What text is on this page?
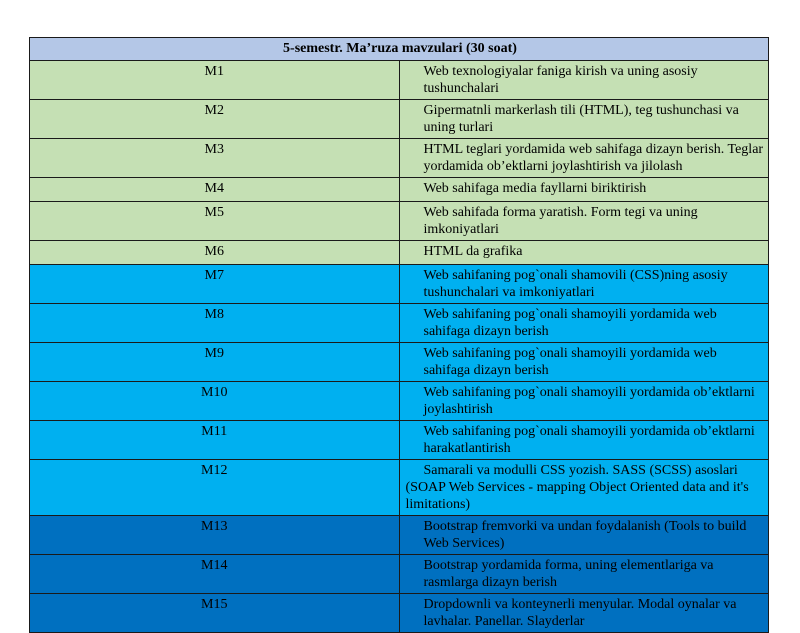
5-semestr. Ma’ruza mavzulari (30 soat)	
M1	Web texnologiyalar faniga kirish va uning asosiy tushunchalari
M2	Gipermatnli markerlash tili (HTML), teg tushunchasi va uning turlari
M3	HTML teglari yordamida web sahifaga dizayn berish. Teglar yordamida ob’ektlarni joylashtirish va jilolash
M4	Web sahifaga media fayllarni biriktirish
M5	Web sahifada forma yaratish. Form tegi va uning imkoniyatlari
M6	HTML da grafika
M7	Web sahifaning pog`onali shamovili (CSS)ning asosiy tushunchalari va imkoniyatlari
M8	Web sahifaning pog`onali shamoyili yordamida web sahifaga dizayn berish
M9	Web sahifaning pog`onali shamoyili yordamida web sahifaga dizayn berish
M10	Web sahifaning pog`onali shamoyili yordamida ob’ektlarni joylashtirish
M11	Web sahifaning pog`onali shamoyili yordamida ob’ektlarni harakatlantirish
M12	Samarali va modulli CSS yozish. SASS (SCSS) asoslari (SOAP Web Services - mapping Object Oriented data and it's limitations)
M13	Bootstrap fremvorki va undan foydalanish (Tools to build Web Services)
M14	Bootstrap yordamida forma, uning elementlariga va rasmlarga dizayn berish
M15	Dropdownli va konteynerli menyular. Modal oynalar va lavhalar. Panellar. Slayderlar
